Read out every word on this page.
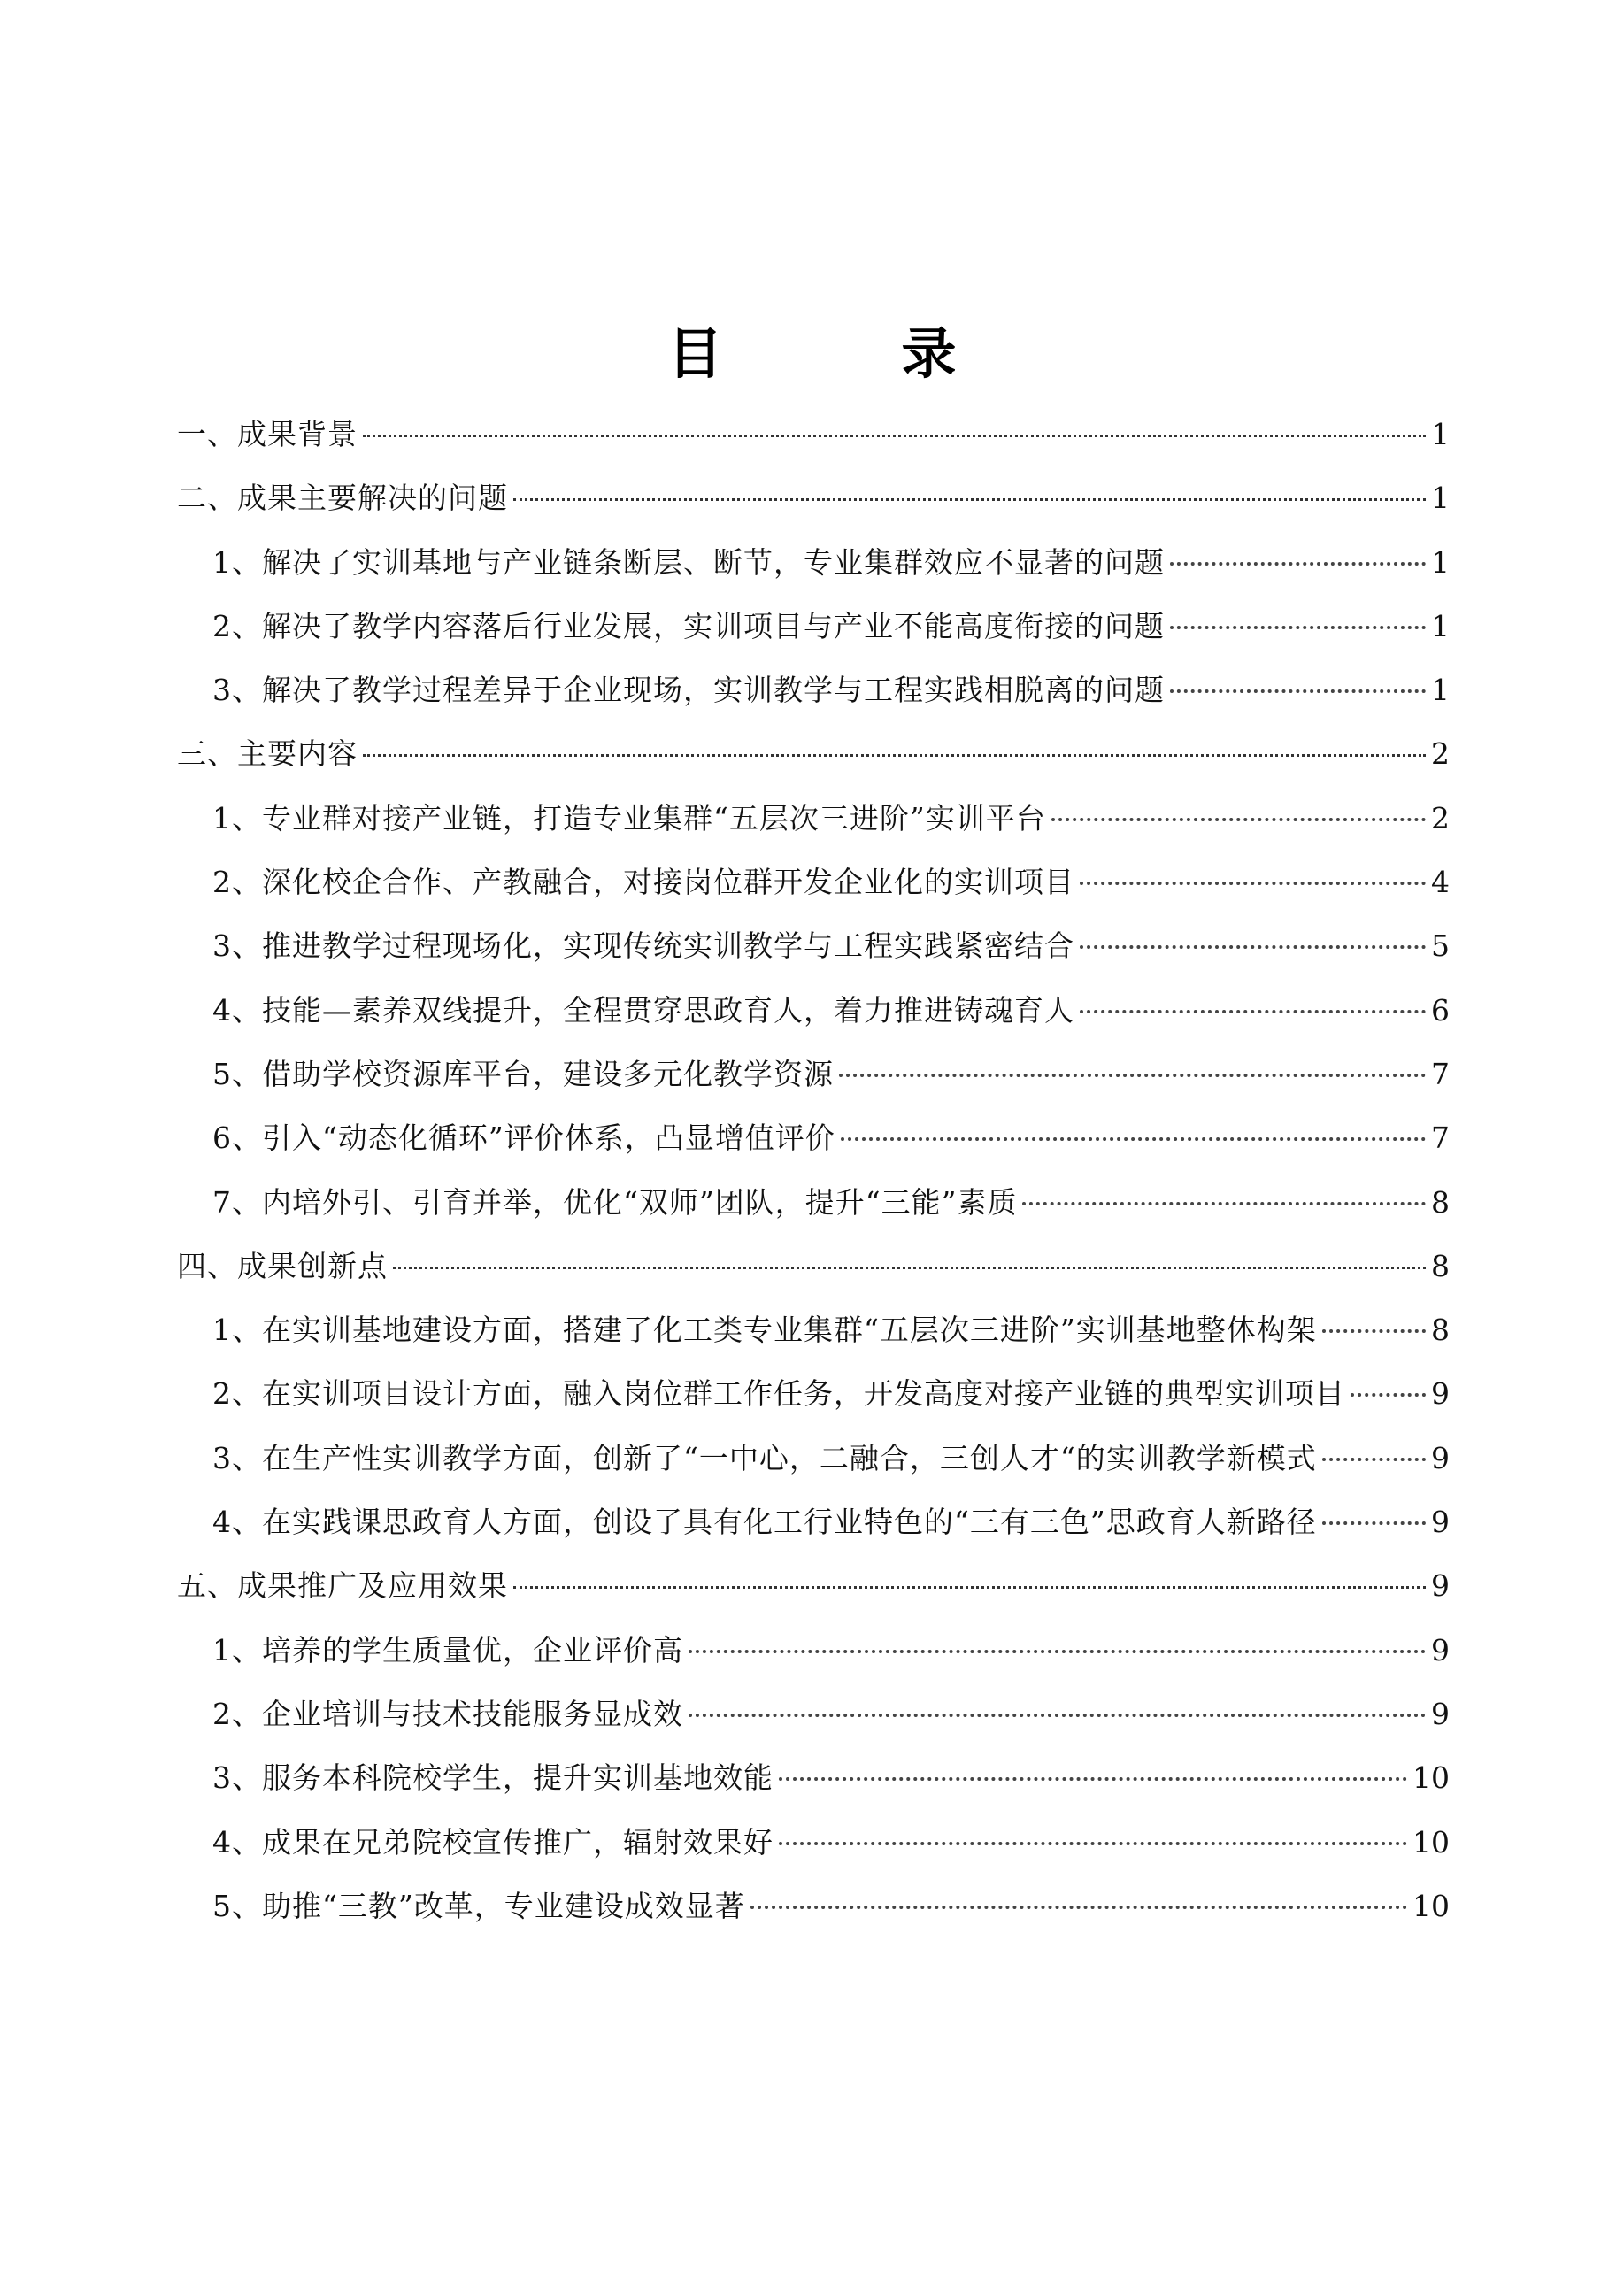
目　录
一、成果背景	1
二、成果主要解决的问题	1
1、解决了实训基地与产业链条断层、断节，专业集群效应不显著的问题	1
2、解决了教学内容落后行业发展，实训项目与产业不能高度衔接的问题	1
3、解决了教学过程差异于企业现场，实训教学与工程实践相脱离的问题	1
三、主要内容	2
1、专业群对接产业链，打造专业集群“五层次三进阶”实训平台	2
2、深化校企合作、产教融合，对接岗位群开发企业化的实训项目	4
3、推进教学过程现场化，实现传统实训教学与工程实践紧密结合	5
4、技能—素养双线提升，全程贯穿思政育人，着力推进铸魂育人	6
5、借助学校资源库平台，建设多元化教学资源	7
6、引入“动态化循环”评价体系，凸显增值评价	7
7、内培外引、引育并举，优化“双师”团队，提升“三能”素质	8
四、成果创新点	8
1、在实训基地建设方面，搭建了化工类专业集群“五层次三进阶”实训基地整体构架	8
2、在实训项目设计方面，融入岗位群工作任务，开发高度对接产业链的典型实训项目	9
3、在生产性实训教学方面，创新了“一中心，二融合，三创人才“的实训教学新模式	9
4、在实践课思政育人方面，创设了具有化工行业特色的“三有三色”思政育人新路径	9
五、成果推广及应用效果	9
1、培养的学生质量优，企业评价高	9
2、企业培训与技术技能服务显成效	9
3、服务本科院校学生，提升实训基地效能	10
4、成果在兄弟院校宣传推广，辐射效果好	10
5、助推“三教”改革，专业建设成效显著	10
